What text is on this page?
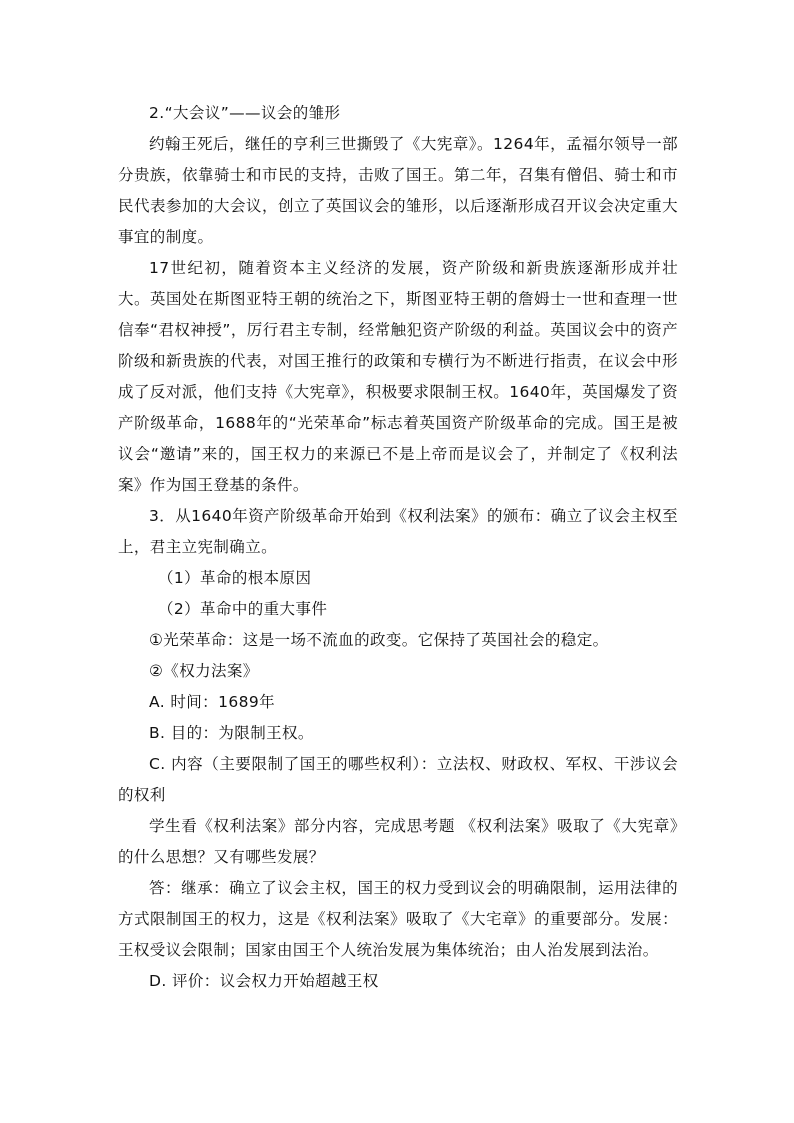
2.“大会议”——议会的雏形

约翰王死后，继任的亨利三世撕毁了《大宪章》。1264年，孟福尔领导一部分贵族，依靠骑士和市民的支持，击败了国王。第二年，召集有僧侣、骑士和市民代表参加的大会议，创立了英国议会的雏形，以后逐渐形成召开议会决定重大事宜的制度。

17世纪初，随着资本主义经济的发展，资产阶级和新贵族逐渐形成并壮大。英国处在斯图亚特王朝的统治之下，斯图亚特王朝的詹姆士一世和查理一世信奉“君权神授”，厉行君主专制，经常触犯资产阶级的利益。英国议会中的资产阶级和新贵族的代表，对国王推行的政策和专横行为不断进行指责，在议会中形成了反对派，他们支持《大宪章》，积极要求限制王权。1640年，英国爆发了资产阶级革命，1688年的“光荣革命”标志着英国资产阶级革命的完成。国王是被议会“邀请”来的，国王权力的来源已不是上帝而是议会了，并制定了《权利法案》作为国王登基的条件。

3．从1640年资产阶级革命开始到《权利法案》的颁布：确立了议会主权至上，君主立宪制确立。

（1）革命的根本原因

（2）革命中的重大事件

①光荣革命：这是一场不流血的政变。它保持了英国社会的稳定。

②《权力法案》

A. 时间：1689年

B. 目的：为限制王权。

C. 内容（主要限制了国王的哪些权利）：立法权、财政权、军权、干涉议会的权利

学生看《权利法案》部分内容，完成思考题 《权利法案》吸取了《大宪章》的什么思想？又有哪些发展？

答：继承：确立了议会主权，国王的权力受到议会的明确限制，运用法律的方式限制国王的权力，这是《权利法案》吸取了《大宅章》的重要部分。发展：王权受议会限制；国家由国王个人统治发展为集体统治；由人治发展到法治。

D. 评价：议会权力开始超越王权
